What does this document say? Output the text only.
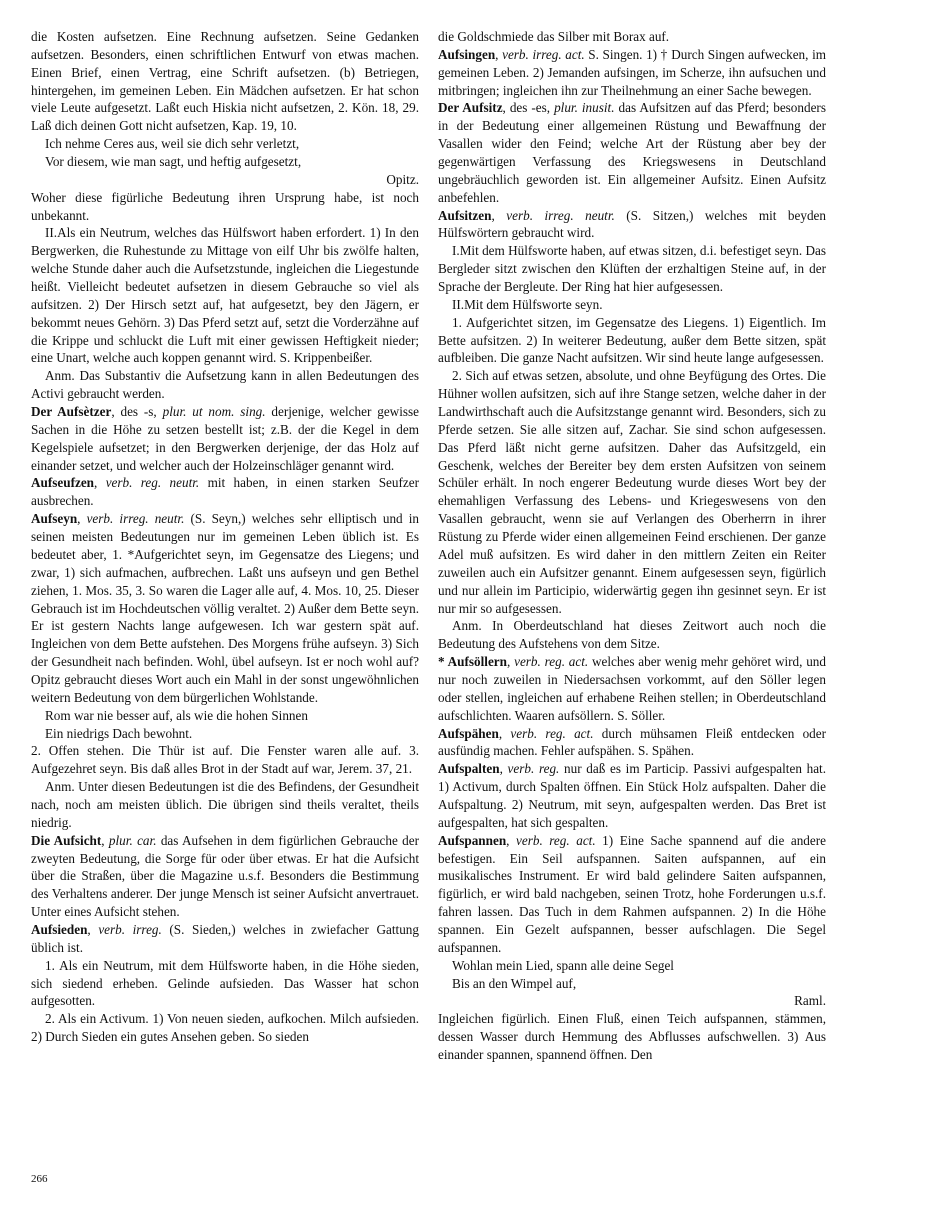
die Kosten aufsetzen. Eine Rechnung aufsetzen. Seine Gedanken aufsetzen. Besonders, einen schriftlichen Entwurf von etwas machen. Einen Brief, einen Vertrag, eine Schrift aufsetzen. (b) Betriegen, hintergehen, im gemeinen Leben. Ein Mädchen aufsetzen. Er hat schon viele Leute aufgesetzt. Laßt euch Hiskia nicht aufsetzen, 2. Kön. 18, 29. Laß dich deinen Gott nicht aufsetzen, Kap. 19, 10.

Ich nehme Ceres aus, weil sie dich sehr verletzt,

Vor diesem, wie man sagt, und heftig aufgesetzt,

Opitz.

Woher diese figürliche Bedeutung ihren Ursprung habe, ist noch unbekannt.

II.Als ein Neutrum, welches das Hülfswort haben erfordert. 1) In den Bergwerken, die Ruhestunde zu Mittage von eilf Uhr bis zwölfe halten, welche Stunde daher auch die Aufsetzstunde, ingleichen die Liegestunde heißt. Vielleicht bedeutet aufsetzen in diesem Gebrauche so viel als aufsitzen. 2) Der Hirsch setzt auf, hat aufgesetzt, bey den Jägern, er bekommt neues Gehörn. 3) Das Pferd setzt auf, setzt die Vorderzähne auf die Krippe und schluckt die Luft mit einer gewissen Heftigkeit nieder; eine Unart, welche auch koppen genannt wird. S. Krippenbeißer.

Anm. Das Substantiv die Aufsetzung kann in allen Bedeutungen des Activi gebraucht werden.

Der Aufsètzer, des -s, plur. ut nom. sing. derjenige, welcher gewisse Sachen in die Höhe zu setzen bestellt ist; z.B. der die Kegel in dem Kegelspiele aufsetzet; in den Bergwerken derjenige, der das Holz auf einander setzet, und welcher auch der Holzeinschläger genannt wird.

Aufseufzen, verb. reg. neutr. mit haben, in einen starken Seufzer ausbrechen.

Aufseyn, verb. irreg. neutr. (S. Seyn,) welches sehr elliptisch und in seinen meisten Bedeutungen nur im gemeinen Leben üblich ist. Es bedeutet aber, 1. *Aufgerichtet seyn, im Gegensatze des Liegens; und zwar, 1) sich aufmachen, aufbrechen. Laßt uns aufseyn und gen Bethel ziehen, 1. Mos. 35, 3. So waren die Lager alle auf, 4. Mos. 10, 25. Dieser Gebrauch ist im Hochdeutschen völlig veraltet. 2) Außer dem Bette seyn. Er ist gestern Nachts lange aufgewesen. Ich war gestern spät auf. Ingleichen von dem Bette aufstehen. Des Morgens frühe aufseyn. 3) Sich der Gesundheit nach befinden. Wohl, übel aufseyn. Ist er noch wohl auf? Opitz gebraucht dieses Wort auch ein Mahl in der sonst ungewöhnlichen weitern Bedeutung von dem bürgerlichen Wohlstande.

Rom war nie besser auf, als wie die hohen Sinnen

Ein niedrigs Dach bewohnt.

2. Offen stehen. Die Thür ist auf. Die Fenster waren alle auf. 3. Aufgezehret seyn. Bis daß alles Brot in der Stadt auf war, Jerem. 37, 21.

Anm. Unter diesen Bedeutungen ist die des Befindens, der Gesundheit nach, noch am meisten üblich. Die übrigen sind theils veraltet, theils niedrig.

Die Aufsicht, plur. car. das Aufsehen in dem figürlichen Gebrauche der zweyten Bedeutung, die Sorge für oder über etwas. Er hat die Aufsicht über die Straßen, über die Magazine u.s.f. Besonders die Bestimmung des Verhaltens anderer. Der junge Mensch ist seiner Aufsicht anvertrauet. Unter eines Aufsicht stehen.

Aufsieden, verb. irreg. (S. Sieden,) welches in zwiefacher Gattung üblich ist.

1. Als ein Neutrum, mit dem Hülfsworte haben, in die Höhe sieden, sich siedend erheben. Gelinde aufsieden. Das Wasser hat schon aufgesotten.

2. Als ein Activum. 1) Von neuen sieden, aufkochen. Milch aufsieden. 2) Durch Sieden ein gutes Ansehen geben. So sieden

die Goldschmiede das Silber mit Borax auf.

Aufsingen, verb. irreg. act. S. Singen. 1) † Durch Singen aufwecken, im gemeinen Leben. 2) Jemanden aufsingen, im Scherze, ihn aufsuchen und mitbringen; ingleichen ihn zur Theilnehmung an einer Sache bewegen.

Der Aufsitz, des -es, plur. inusit. das Aufsitzen auf das Pferd; besonders in der Bedeutung einer allgemeinen Rüstung und Bewaffnung der Vasallen wider den Feind; welche Art der Rüstung aber bey der gegenwärtigen Verfassung des Kriegswesens in Deutschland ungebräuchlich geworden ist. Ein allgemeiner Aufsitz. Einen Aufsitz anbefehlen.

Aufsitzen, verb. irreg. neutr. (S. Sitzen,) welches mit beyden Hülfswörtern gebraucht wird.

I.Mit dem Hülfsworte haben, auf etwas sitzen, d.i. befestiget seyn. Das Bergleder sitzt zwischen den Klüften der erzhaltigen Steine auf, in der Sprache der Bergleute. Der Ring hat hier aufgesessen.

II.Mit dem Hülfsworte seyn.

1. Aufgerichtet sitzen, im Gegensatze des Liegens. 1) Eigentlich. Im Bette aufsitzen. 2) In weiterer Bedeutung, außer dem Bette sitzen, spät aufbleiben. Die ganze Nacht aufsitzen. Wir sind heute lange aufgesessen.

2. Sich auf etwas setzen, absolute, und ohne Beyfügung des Ortes. Die Hühner wollen aufsitzen, sich auf ihre Stange setzen, welche daher in der Landwirthschaft auch die Aufsitzstange genannt wird. Besonders, sich zu Pferde setzen. Sie alle sitzen auf, Zachar. Sie sind schon aufgesessen. Das Pferd läßt nicht gerne aufsitzen. Daher das Aufsitzgeld, ein Geschenk, welches der Bereiter bey dem ersten Aufsitzen von seinem Schüler erhält. In noch engerer Bedeutung wurde dieses Wort bey der ehemahligen Verfassung des Lebens- und Kriegeswesens von den Vasallen gebraucht, wenn sie auf Verlangen des Oberherrn in ihrer Rüstung zu Pferde wider einen allgemeinen Feind erschienen. Der ganze Adel muß aufsitzen. Es wird daher in den mittlern Zeiten ein Reiter zuweilen auch ein Aufsitzer genannt. Einem aufgesessen seyn, figürlich und nur allein im Participio, widerwärtig gegen ihn gesinnet seyn. Er ist nur mir so aufgesessen.

Anm. In Oberdeutschland hat dieses Zeitwort auch noch die Bedeutung des Aufstehens von dem Sitze.

* Aufsöllern, verb. reg. act. welches aber wenig mehr gehöret wird, und nur noch zuweilen in Niedersachsen vorkommt, auf den Söller legen oder stellen, ingleichen auf erhabene Reihen stellen; in Oberdeutschland aufschlichten. Waaren aufsöllern. S. Söller.

Aufspähen, verb. reg. act. durch mühsamen Fleiß entdecken oder ausfündig machen. Fehler aufspähen. S. Spähen.

Aufspalten, verb. reg. nur daß es im Particip. Passivi aufgespalten hat. 1) Activum, durch Spalten öffnen. Ein Stück Holz aufspalten. Daher die Aufspaltung. 2) Neutrum, mit seyn, aufgespalten werden. Das Bret ist aufgespalten, hat sich gespalten.

Aufspannen, verb. reg. act. 1) Eine Sache spannend auf die andere befestigen. Ein Seil aufspannen. Saiten aufspannen, auf ein musikalisches Instrument. Er wird bald gelindere Saiten aufspannen, figürlich, er wird bald nachgeben, seinen Trotz, hohe Forderungen u.s.f. fahren lassen. Das Tuch in dem Rahmen aufspannen. 2) In die Höhe spannen. Ein Gezelt aufspannen, besser aufschlagen. Die Segel aufspannen.

Wohlan mein Lied, spann alle deine Segel

Bis an den Wimpel auf,

Raml.

Ingleichen figürlich. Einen Fluß, einen Teich aufspannen, stämmen, dessen Wasser durch Hemmung des Abflusses aufschwellen. 3) Aus einander spannen, spannend öffnen. Den

266
